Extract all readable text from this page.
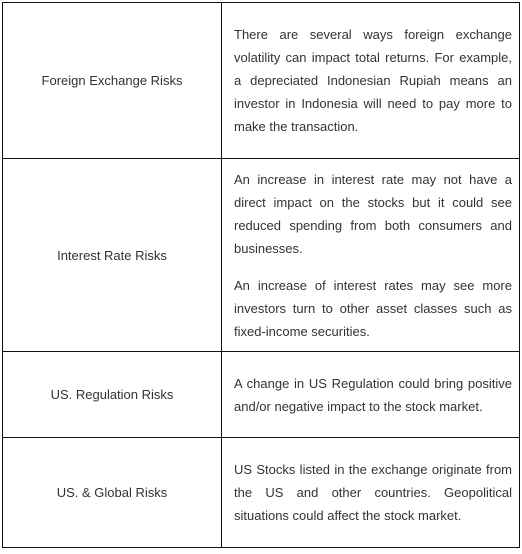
Foreign Exchange Risks	There are several ways foreign exchange volatility can impact total returns. For example, a depreciated Indonesian Rupiah means an investor in Indonesia will need to pay more to make the transaction.

Interest Rate Risks	An increase in interest rate may not have a direct impact on the stocks but it could see reduced spending from both consumers and businesses.

An increase of interest rates may see more investors turn to other asset classes such as fixed-income securities.

US. Regulation Risks	A change in US Regulation could bring positive and/or negative impact to the stock market.

US. & Global Risks	US Stocks listed in the exchange originate from the US and other countries. Geopolitical situations could affect the stock market.
